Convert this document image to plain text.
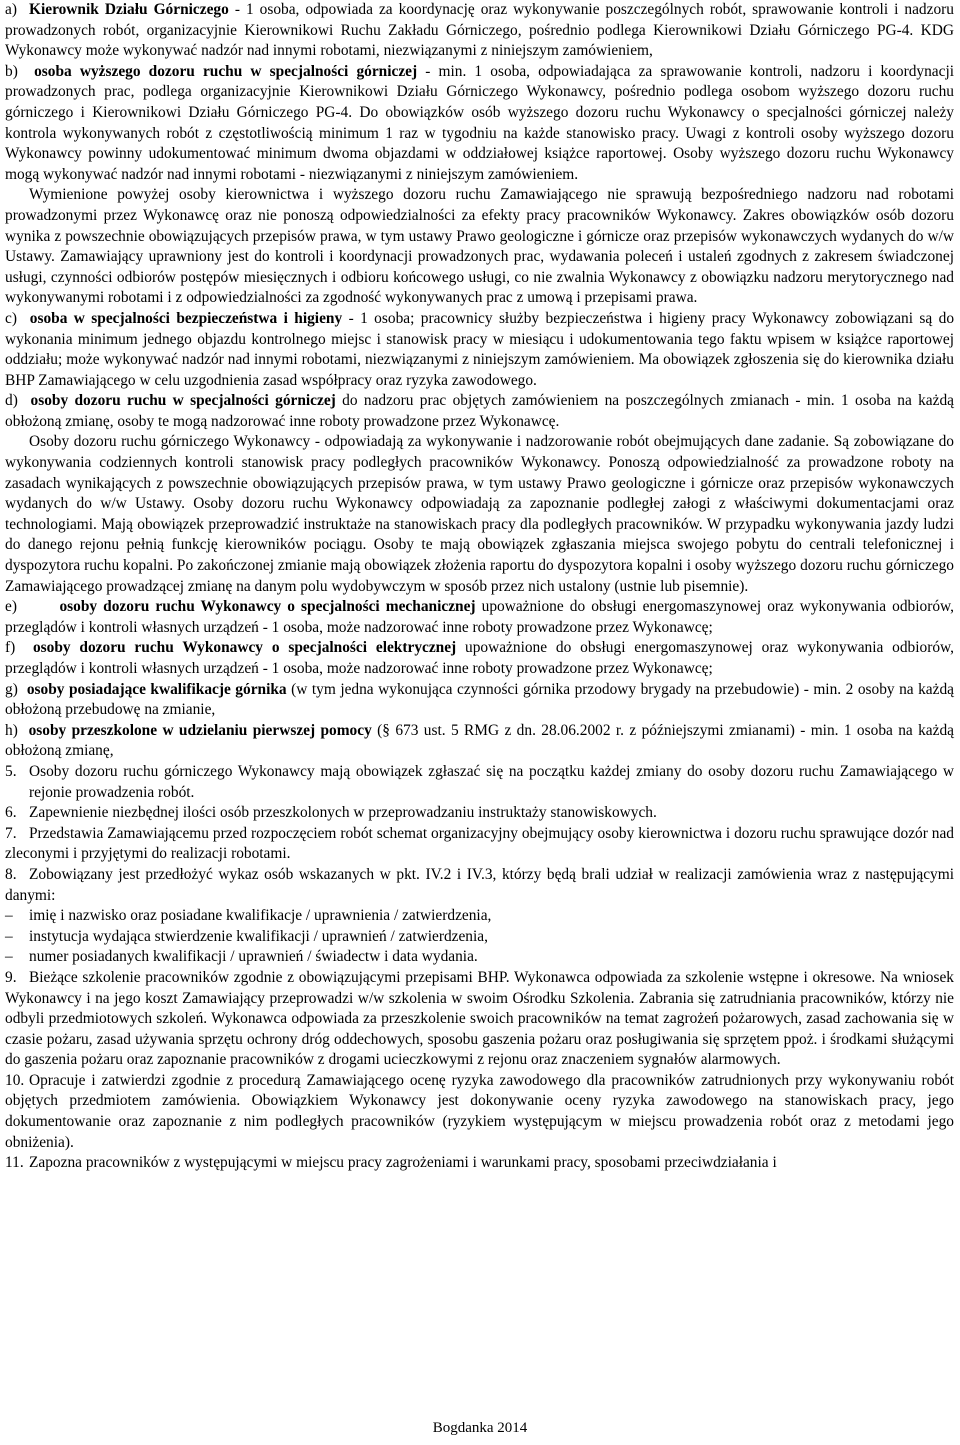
a) Kierownik Działu Górniczego - 1 osoba, odpowiada za koordynację oraz wykonywanie poszczególnych robót, sprawowanie kontroli i nadzoru prowadzonych robót, organizacyjnie Kierownikowi Ruchu Zakładu Górniczego, pośrednio podlega Kierownikowi Działu Górniczego PG-4. KDG Wykonawcy może wykonywać nadzór nad innymi robotami, niezwiązanymi z niniejszym zamówieniem,

b) osoba wyższego dozoru ruchu w specjalności górniczej - min. 1 osoba, odpowiadająca za sprawowanie kontroli, nadzoru i koordynacji prowadzonych prac, podlega organizacyjnie Kierownikowi Działu Górniczego Wykonawcy, pośrednio podlega osobom wyższego dozoru ruchu górniczego i Kierownikowi Działu Górniczego PG-4. Do obowiązków osób wyższego dozoru ruchu Wykonawcy o specjalności górniczej należy kontrola wykonywanych robót z częstotliwością minimum 1 raz w tygodniu na każde stanowisko pracy. Uwagi z kontroli osoby wyższego dozoru Wykonawcy powinny udokumentować minimum dwoma objazdami w oddziałowej książce raportowej. Osoby wyższego dozoru ruchu Wykonawcy mogą wykonywać nadzór nad innymi robotami - niezwiązanymi z niniejszym zamówieniem.

Wymienione powyżej osoby kierownictwa i wyższego dozoru ruchu Zamawiającego nie sprawują bezpośredniego nadzoru nad robotami prowadzonymi przez Wykonawcę oraz nie ponoszą odpowiedzialności za efekty pracy pracowników Wykonawcy. Zakres obowiązków osób dozoru wynika z powszechnie obowiązujących przepisów prawa, w tym ustawy Prawo geologiczne i górnicze oraz przepisów wykonawczych wydanych do w/w Ustawy. Zamawiający uprawniony jest do kontroli i koordynacji prowadzonych prac, wydawania poleceń i ustaleń zgodnych z zakresem świadczonej usługi, czynności odbiorów postępów miesięcznych i odbioru końcowego usługi, co nie zwalnia Wykonawcy z obowiązku nadzoru merytorycznego nad wykonywanymi robotami i z odpowiedzialności za zgodność wykonywanych prac z umową i przepisami prawa.

c) osoba w specjalności bezpieczeństwa i higieny - 1 osoba; pracownicy służby bezpieczeństwa i higieny pracy Wykonawcy zobowiązani są do wykonania minimum jednego objazdu kontrolnego miejsc i stanowisk pracy w miesiącu i udokumentowania tego faktu wpisem w książce raportowej oddziału; może wykonywać nadzór nad innymi robotami, niezwiązanymi z niniejszym zamówieniem. Ma obowiązek zgłoszenia się do kierownika działu BHP Zamawiającego w celu uzgodnienia zasad współpracy oraz ryzyka zawodowego.

d) osoby dozoru ruchu w specjalności górniczej do nadzoru prac objętych zamówieniem na poszczególnych zmianach - min. 1 osoba na każdą obłożoną zmianę, osoby te mogą nadzorować inne roboty prowadzone przez Wykonawcę.

Osoby dozoru ruchu górniczego Wykonawcy - odpowiadają za wykonywanie i nadzorowanie robót obejmujących dane zadanie. Są zobowiązane do wykonywania codziennych kontroli stanowisk pracy podległych pracowników Wykonawcy. Ponoszą odpowiedzialność za prowadzone roboty na zasadach wynikających z powszechnie obowiązujących przepisów prawa, w tym ustawy Prawo geologiczne i górnicze oraz przepisów wykonawczych wydanych do w/w Ustawy. Osoby dozoru ruchu Wykonawcy odpowiadają za zapoznanie podległej załogi z właściwymi dokumentacjami oraz technologiami. Mają obowiązek przeprowadzić instruktaże na stanowiskach pracy dla podległych pracowników. W przypadku wykonywania jazdy ludzi do danego rejonu pełnią funkcję kierowników pociągu. Osoby te mają obowiązek zgłaszania miejsca swojego pobytu do centrali telefonicznej i dyspozytora ruchu kopalni. Po zakończonej zmianie mają obowiązek złożenia raportu do dyspozytora kopalni i osoby wyższego dozoru ruchu górniczego Zamawiającego prowadzącej zmianę na danym polu wydobywczym w sposób przez nich ustalony (ustnie lub pisemnie).

e)	osoby dozoru ruchu Wykonawcy o specjalności mechanicznej upoważnione do obsługi energomaszynowej oraz wykonywania odbiorów, przeglądów i kontroli własnych urządzeń - 1 osoba, może nadzorować inne roboty prowadzone przez Wykonawcę;

f) osoby dozoru ruchu Wykonawcy o specjalności elektrycznej upoważnione do obsługi energomaszynowej oraz wykonywania odbiorów, przeglądów i kontroli własnych urządzeń - 1 osoba, może nadzorować inne roboty prowadzone przez Wykonawcę;

g) osoby posiadające kwalifikacje górnika (w tym jedna wykonująca czynności górnika przodowy brygady na przebudowie) - min. 2 osoby na każdą obłożoną przebudowę na zmianie,

h) osoby przeszkolone w udzielaniu pierwszej pomocy (§ 673 ust. 5 RMG z dn. 28.06.2002 r. z późniejszymi zmianami) - min. 1 osoba na każdą obłożoną zmianę,

5. Osoby dozoru ruchu górniczego Wykonawcy mają obowiązek zgłaszać się na początku każdej zmiany do osoby dozoru ruchu Zamawiającego w rejonie prowadzenia robót.

6. Zapewnienie niezbędnej ilości osób przeszkolonych w przeprowadzaniu instruktaży stanowiskowych.

7. Przedstawia Zamawiającemu przed rozpoczęciem robót schemat organizacyjny obejmujący osoby kierownictwa i dozoru ruchu sprawujące dozór nad zleconymi i przyjętymi do realizacji robotami.

8. Zobowiązany jest przedłożyć wykaz osób wskazanych w pkt. IV.2 i IV.3, którzy będą brali udział w realizacji zamówienia wraz z następującymi danymi:

– imię i nazwisko oraz posiadane kwalifikacje / uprawnienia / zatwierdzenia,

– instytucja wydająca stwierdzenie kwalifikacji / uprawnień / zatwierdzenia,

– numer posiadanych kwalifikacji / uprawnień / świadectw i data wydania.

9. Bieżące szkolenie pracowników zgodnie z obowiązującymi przepisami BHP. Wykonawca odpowiada za szkolenie wstępne i okresowe. Na wniosek Wykonawcy i na jego koszt Zamawiający przeprowadzi w/w szkolenia w swoim Ośrodku Szkolenia. Zabrania się zatrudniania pracowników, którzy nie odbyli przedmiotowych szkoleń. Wykonawca odpowiada za przeszkolenie swoich pracowników na temat zagrożeń pożarowych, zasad zachowania się w czasie pożaru, zasad używania sprzętu ochrony dróg oddechowych, sposobu gaszenia pożaru oraz posługiwania się sprzętem ppoż. i środkami służącymi do gaszenia pożaru oraz zapoznanie pracowników z drogami ucieczkowymi z rejonu oraz znaczeniem sygnałów alarmowych.

10. Opracuje i zatwierdzi zgodnie z procedurą Zamawiającego ocenę ryzyka zawodowego dla pracowników zatrudnionych przy wykonywaniu robót objętych przedmiotem zamówienia. Obowiązkiem Wykonawcy jest dokonywanie oceny ryzyka zawodowego na stanowiskach pracy, jego dokumentowanie oraz zapoznanie z nim podległych pracowników (ryzykiem występującym w miejscu prowadzenia robót oraz z metodami jego obniżenia).

11. Zapozna pracowników z występującymi w miejscu pracy zagrożeniami i warunkami pracy, sposobami przeciwdziałania i

Bogdanka 2014
